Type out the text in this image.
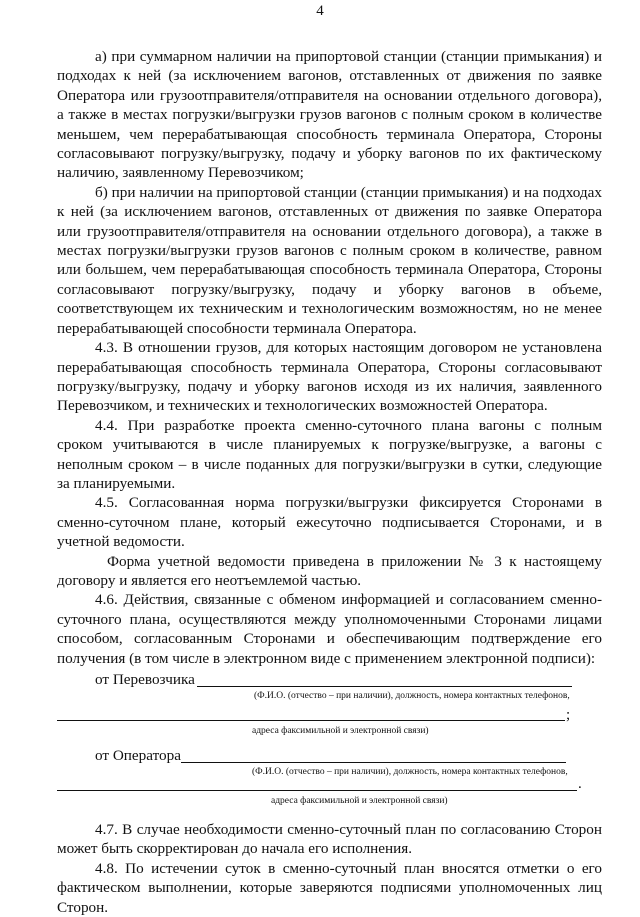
4

а) при суммарном наличии на припортовой станции (станции примыкания) и подходах к ней (за исключением вагонов, отставленных от движения по заявке Оператора или грузоотправителя/отправителя на основании отдельного договора), а также в местах погрузки/выгрузки грузов вагонов с полным сроком в количестве меньшем, чем перерабатывающая способность терминала Оператора, Стороны согласовывают погрузку/выгрузку, подачу и уборку вагонов по их фактическому наличию, заявленному Перевозчиком;

б) при наличии на припортовой станции (станции примыкания) и на подходах к ней (за исключением вагонов, отставленных от движения по заявке Оператора или грузоотправителя/отправителя на основании отдельного договора), а также в местах погрузки/выгрузки грузов вагонов с полным сроком в количестве, равном или большем, чем перерабатывающая способность терминала Оператора, Стороны согласовывают погрузку/выгрузку, подачу и уборку вагонов в объеме, соответствующем их техническим и технологическим возможностям, но не менее перерабатывающей способности терминала Оператора.

4.3. В отношении грузов, для которых настоящим договором не установлена перерабатывающая способность терминала Оператора, Стороны согласовывают погрузку/выгрузку, подачу и уборку вагонов исходя из их наличия, заявленного Перевозчиком, и технических и технологических возможностей Оператора.

4.4. При разработке проекта сменно-суточного плана вагоны с полным сроком учитываются в числе планируемых к погрузке/выгрузке, а вагоны с неполным сроком – в числе поданных для погрузки/выгрузки в сутки, следующие за планируемыми.

4.5. Согласованная норма погрузки/выгрузки фиксируется Сторонами в сменно-суточном плане, который ежесуточно подписывается Сторонами, и в учетной ведомости.

Форма учетной ведомости приведена в приложении № 3 к настоящему договору и является его неотъемлемой частью.

4.6. Действия, связанные с обменом информацией и согласованием сменно-суточного плана, осуществляются между уполномоченными Сторонами лицами способом, согласованным Сторонами и обеспечивающим подтверждение его получения (в том числе в электронном виде с применением электронной подписи):

от Перевозчика
(Ф.И.О. (отчество – при наличии), должность, номера контактных телефонов,
;
адреса факсимильной и электронной связи)
от Оператора
(Ф.И.О. (отчество – при наличии), должность, номера контактных телефонов,
.
адреса факсимильной и электронной связи)

4.7. В случае необходимости сменно-суточный план по согласованию Сторон может быть скорректирован до начала его исполнения.

4.8. По истечении суток в сменно-суточный план вносятся отметки о его фактическом выполнении, которые заверяются подписями уполномоченных лиц Сторон.
